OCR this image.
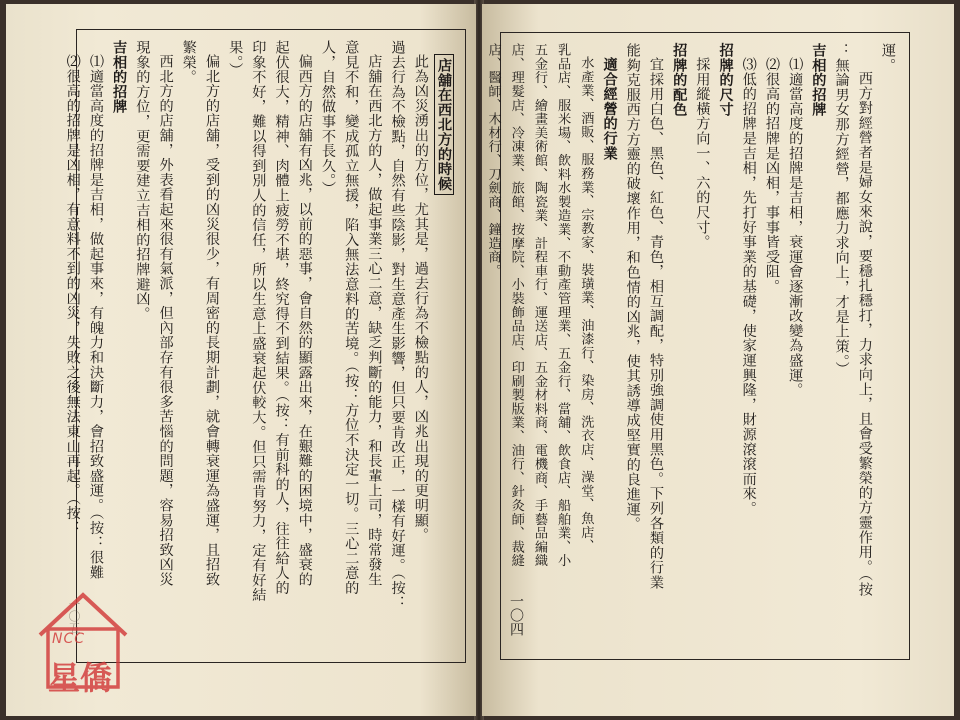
運。

西方對經營者是婦女來說，要穩扎穩打，力求向上，且會受繁榮的方靈作用。（按

：無論男女那方經營，都應力求向上，才是上策。）

吉相的招牌

⑴適當高度的招牌是吉相，衰運會逐漸改變為盛運。

⑵很高的招牌是凶相，事事皆受阻。

⑶低的招牌是吉相，先打好事業的基礎，使家運興隆，財源滾滾而來。

招牌的尺寸

採用縱橫方向一、六的尺寸。

招牌的配色

宜採用白色、黑色、紅色、青色，相互調配，特別強調使用黑色。下列各類的行業

能夠克服西方方靈的破壞作用，和色情的凶兆，使其誘導成堅實的良進運。

適合經營的行業

水產業、酒販、服務業、宗教家、裝璜業、油漆行、染房、洗衣店、澡堂、魚店、

乳品店、服米場、飲料水製造業、不動產管理業、五金行、當舖、飲食店、船舶業、小

五金行、繪畫美術館、陶瓷業、計程車行、運送店、五金材料商、電機商、手藝品編織

店、理髮店、冷凍業、旅館、按摩院、小裝飾品店、印刷製版業、油行、針灸師、裁縫

店、醫師、木材行、刀劍商、鐘造商。

一〇四

店舖在西北方的時候

此為凶災湧出的方位，尤其是，過去行為不檢點的人，凶兆出現的更明顯。

過去行為不檢點，自然有些陰影，對生意產生影響，但只要肯改正，一樣有好運。（按：

店舖在西北方的人，做起事業三心二意，缺乏判斷的能力，和長輩上司，時常發生

意見不和，變成孤立無援，陷入無法意料的苦境。（按：方位不決定一切。三心二意的

人，自然做事不長久。）

偏西方的店舖有凶兆，以前的惡事，會自然的顯露出來，在艱難的困境中，盛衰的

起伏很大，精神、肉體上疲勞不堪，終究得不到結果。（按：有前科的人，往往給人的

印象不好，難以得到別人的信任，所以生意上盛衰起伏較大。但只需肯努力，定有好結

果。）

偏北方的店舖，受到的凶災很少，有周密的長期計劃，就會轉衰運為盛運，且招致

繁榮。

西北方的店舖，外表看起來很有氣派，但內部存有很多苦惱的問題，容易招致凶災

現象的方位，更需要建立吉相的招牌避凶。

吉相的招牌

⑴適當高度的招牌是吉相，做起事來，有魄力和決斷力，會招致盛運。（按：很難

⑵很高的招牌是凶相，有意料不到的凶災，失敗之後無法東山再起。（按：

一〇五
NCC
星僑
